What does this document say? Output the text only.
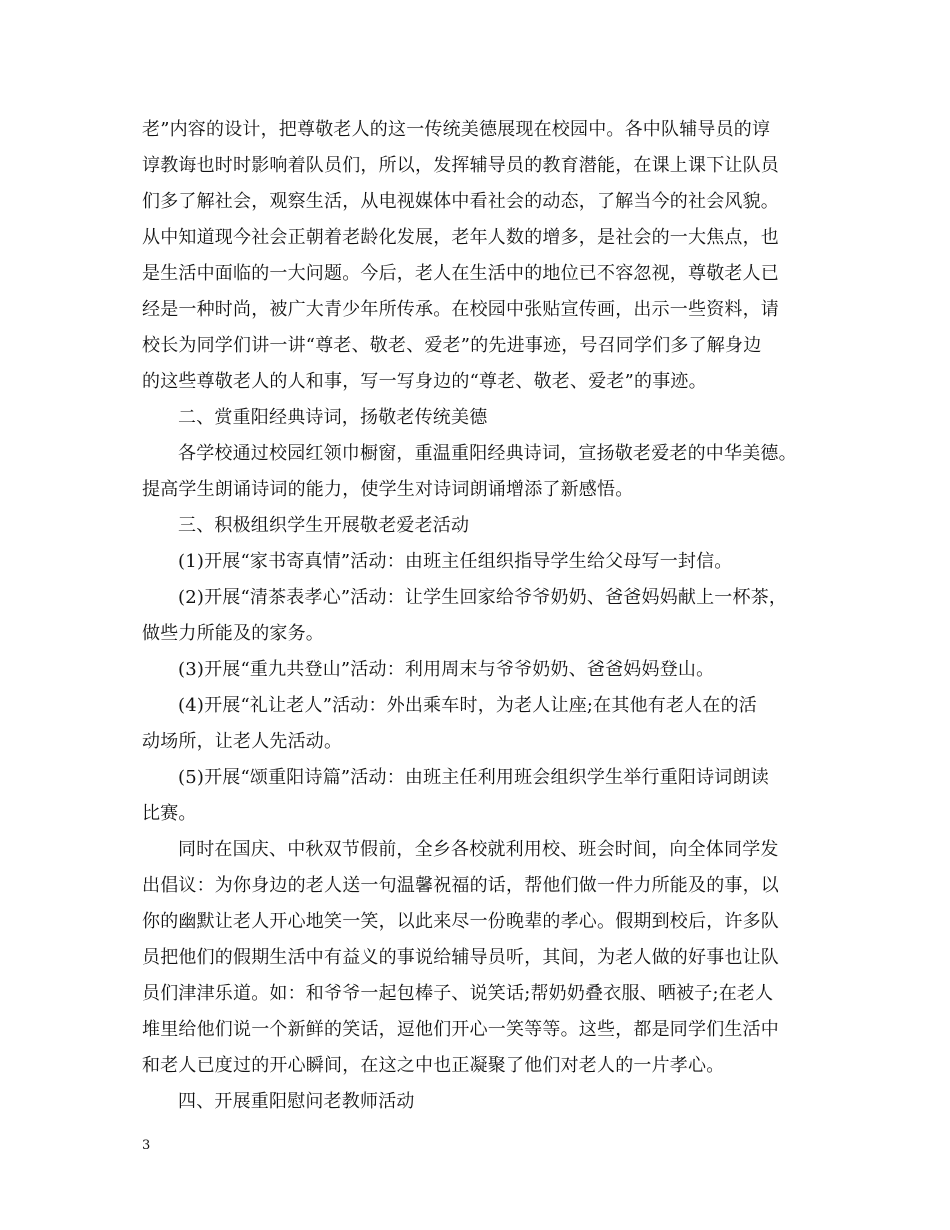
老”内容的设计，把尊敬老人的这一传统美德展现在校园中。各中队辅导员的谆
谆教诲也时时影响着队员们，所以，发挥辅导员的教育潜能，在课上课下让队员
们多了解社会，观察生活，从电视媒体中看社会的动态，了解当今的社会风貌。
从中知道现今社会正朝着老龄化发展，老年人数的增多，是社会的一大焦点，也
是生活中面临的一大问题。今后，老人在生活中的地位已不容忽视，尊敬老人已
经是一种时尚，被广大青少年所传承。在校园中张贴宣传画，出示一些资料，请
校长为同学们讲一讲“尊老、敬老、爱老”的先进事迹，号召同学们多了解身边
的这些尊敬老人的人和事，写一写身边的“尊老、敬老、爱老”的事迹。
二、赏重阳经典诗词，扬敬老传统美德
各学校通过校园红领巾橱窗，重温重阳经典诗词，宣扬敬老爱老的中华美德。
提高学生朗诵诗词的能力，使学生对诗词朗诵增添了新感悟。
三、积极组织学生开展敬老爱老活动
(1)开展“家书寄真情”活动：由班主任组织指导学生给父母写一封信。
(2)开展“清茶表孝心”活动：让学生回家给爷爷奶奶、爸爸妈妈献上一杯茶，
做些力所能及的家务。
(3)开展“重九共登山”活动：利用周末与爷爷奶奶、爸爸妈妈登山。
(4)开展“礼让老人”活动：外出乘车时，为老人让座;在其他有老人在的活
动场所，让老人先活动。
(5)开展“颂重阳诗篇”活动：由班主任利用班会组织学生举行重阳诗词朗读
比赛。
同时在国庆、中秋双节假前，全乡各校就利用校、班会时间，向全体同学发
出倡议：为你身边的老人送一句温馨祝福的话，帮他们做一件力所能及的事，以
你的幽默让老人开心地笑一笑，以此来尽一份晚辈的孝心。假期到校后，许多队
员把他们的假期生活中有益义的事说给辅导员听，其间，为老人做的好事也让队
员们津津乐道。如：和爷爷一起包棒子、说笑话;帮奶奶叠衣服、晒被子;在老人
堆里给他们说一个新鲜的笑话，逗他们开心一笑等等。这些，都是同学们生活中
和老人已度过的开心瞬间，在这之中也正凝聚了他们对老人的一片孝心。
四、开展重阳慰问老教师活动
3
